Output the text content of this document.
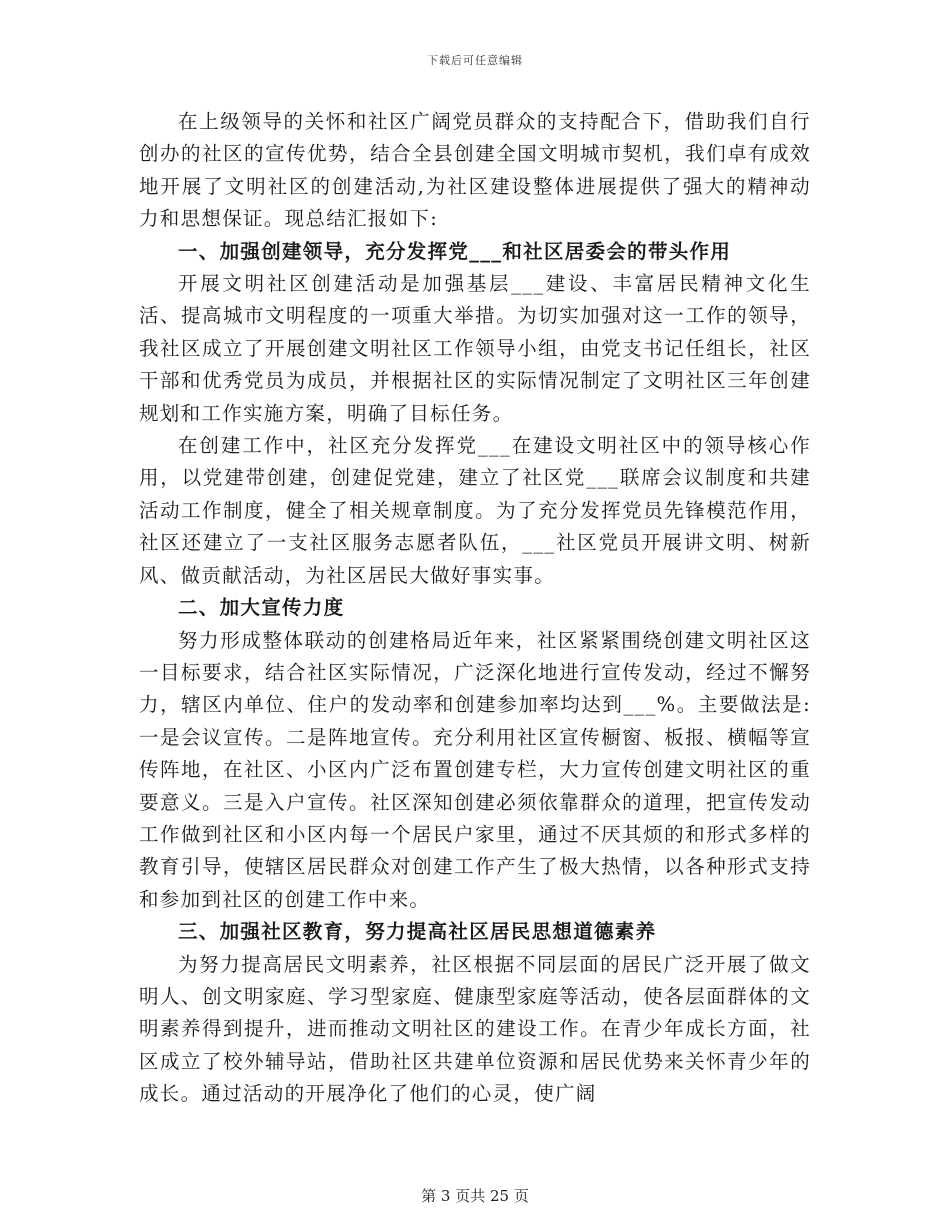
下载后可任意编辑

在上级领导的关怀和社区广阔党员群众的支持配合下，借助我们自行创办的社区的宣传优势，结合全县创建全国文明城市契机，我们卓有成效地开展了文明社区的创建活动,为社区建设整体进展提供了强大的精神动力和思想保证。现总结汇报如下:

一、加强创建领导，充分发挥党___和社区居委会的带头作用

开展文明社区创建活动是加强基层___建设、丰富居民精神文化生活、提高城市文明程度的一项重大举措。为切实加强对这一工作的领导，我社区成立了开展创建文明社区工作领导小组，由党支书记任组长，社区干部和优秀党员为成员，并根据社区的实际情况制定了文明社区三年创建规划和工作实施方案，明确了目标任务。

在创建工作中，社区充分发挥党___在建设文明社区中的领导核心作用，以党建带创建，创建促党建，建立了社区党___联席会议制度和共建活动工作制度，健全了相关规章制度。为了充分发挥党员先锋模范作用，社区还建立了一支社区服务志愿者队伍，___社区党员开展讲文明、树新风、做贡献活动，为社区居民大做好事实事。

二、加大宣传力度

努力形成整体联动的创建格局近年来，社区紧紧围绕创建文明社区这一目标要求，结合社区实际情况，广泛深化地进行宣传发动，经过不懈努力，辖区内单位、住户的发动率和创建参加率均达到___%。主要做法是:一是会议宣传。二是阵地宣传。充分利用社区宣传橱窗、板报、横幅等宣传阵地，在社区、小区内广泛布置创建专栏，大力宣传创建文明社区的重要意义。三是入户宣传。社区深知创建必须依靠群众的道理，把宣传发动工作做到社区和小区内每一个居民户家里，通过不厌其烦的和形式多样的教育引导，使辖区居民群众对创建工作产生了极大热情，以各种形式支持和参加到社区的创建工作中来。

三、加强社区教育，努力提高社区居民思想道德素养

为努力提高居民文明素养，社区根据不同层面的居民广泛开展了做文明人、创文明家庭、学习型家庭、健康型家庭等活动，使各层面群体的文明素养得到提升，进而推动文明社区的建设工作。在青少年成长方面，社区成立了校外辅导站，借助社区共建单位资源和居民优势来关怀青少年的成长。通过活动的开展净化了他们的心灵，使广阔

第 3 页共 25 页
